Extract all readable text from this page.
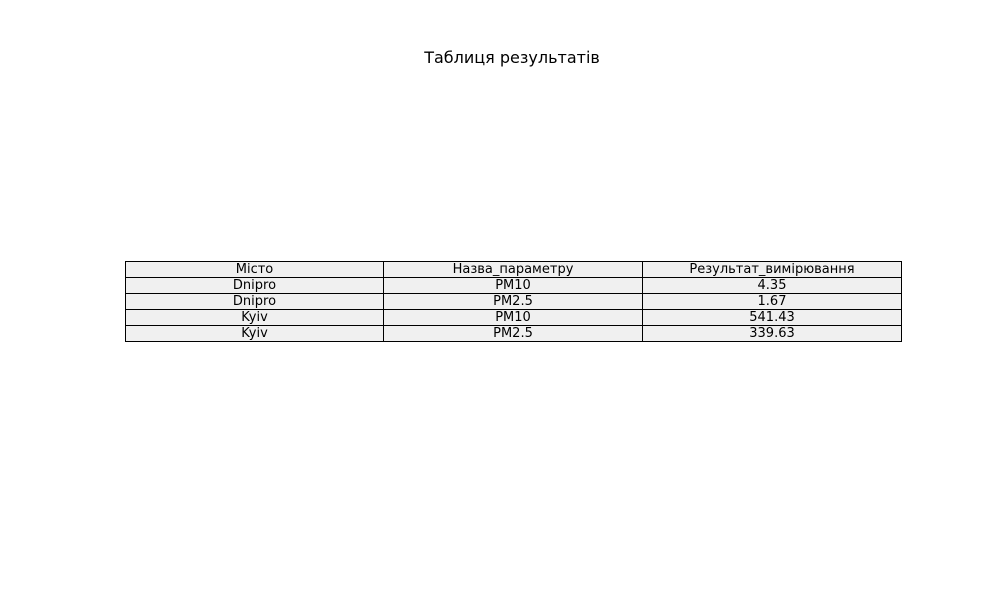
Таблиця результатів
Місто	Назва_параметру	Результат_вимірювання
Dnipro	PM10	4.35
Dnipro	PM2.5	1.67
Kyiv	PM10	541.43
Kyiv	PM2.5	339.63
